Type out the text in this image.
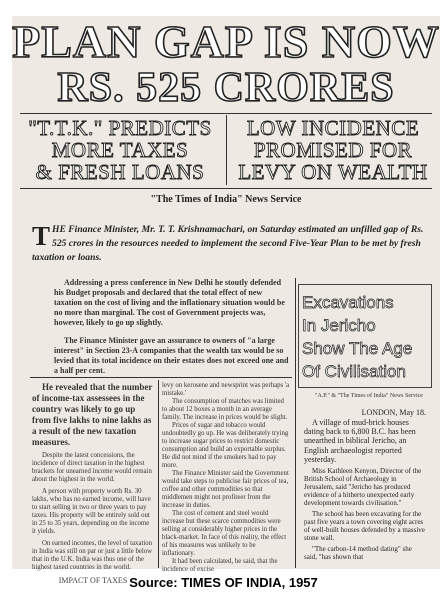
PLAN GAP IS NOW
RS. 525 CRORES
"T.T.K." PREDICTS
MORE TAXES
& FRESH LOANS
LOW INCIDENCE
PROMISED FOR
LEVY ON WEALTH
"The Times of India" News Service
THE Finance Minister, Mr. T. T. Krishnamachari, on Saturday estimated an unfilled gap of Rs. 525 crores in the resources needed to implement the second Five-Year Plan to be met by fresh taxation or loans.

Addressing a press conference in New Delhi he stoutly defended his Budget proposals and declared that the total effect of new taxation on the cost of living and the inflationary situation would be no more than marginal. The cost of Government projects was, however, likely to go up slightly.

The Finance Minister gave an assurance to owners of "a large interest" in Section 23-A companies that the wealth tax would be so levied that its total incidence on their estates does not exceed one and a half per cent.

He revealed that the number of income-tax assessees in the country was likely to go up from five lakhs to nine lakhs as a result of the new taxation measures.

Despite the latest concessions, the incidence of direct taxation in the highest brackets for unearned income would remain about the highest in the world.

A person with property worth Rs. 30 lakhs, who has no earned income, will have to start selling in two or three years to pay taxes. His property will be entirely sold out in 25 to 35 years, depending on the income it yields.

On earned incomes, the level of taxation in India was still on par or just a little below that in the U.K. India was thus one of the highest taxed countries in the world.

IMPACT OF TAXES

levy on kerosene and newsprint was perhaps 'a mistake.'

The consumption of matches was limited to about 12 boxes a month in an average family. The increase in prices would be slight.

Prices of sugar and tobacco would undoubtedly go up. He was deliberately trying to increase sugar prices to restrict domestic consumption and build an exportable surplus. He did not mind if the smokers had to pay more.

The Finance Minister said the Government would take steps to publicise fair prices of tea, coffee and other commodities so that middlemen might not profiteer from the increase in duties.

The cost of cement and steel would increase but these scarce commodities were selling at considerably higher prices in the black-market. In face of this reality, the effect of his measures was unlikely to be inflationary.

It had been calculated, he said, that the incidence of excise

Excavations
In Jericho
Show The Age
Of Civilisation
"A.P." & "The Times of India" News Service
LONDON, May 18.

A village of mud-brick houses dating back to 6,800 B.C. has been unearthed in biblical Jericho, an English archaeologist reported yesterday.

Miss Kathleen Kenyon, Director of the British School of Archaeology in Jerusalem, said "Jericho has produced evidence of a hitherto unexpected early development towards civilisation."

The school has been excavating for the past five years a town covering eight acres of well-built houses defended by a massive stone wall.

"The carbon-14 method dating" she said, "has shown that

Source: TIMES OF INDIA, 1957
